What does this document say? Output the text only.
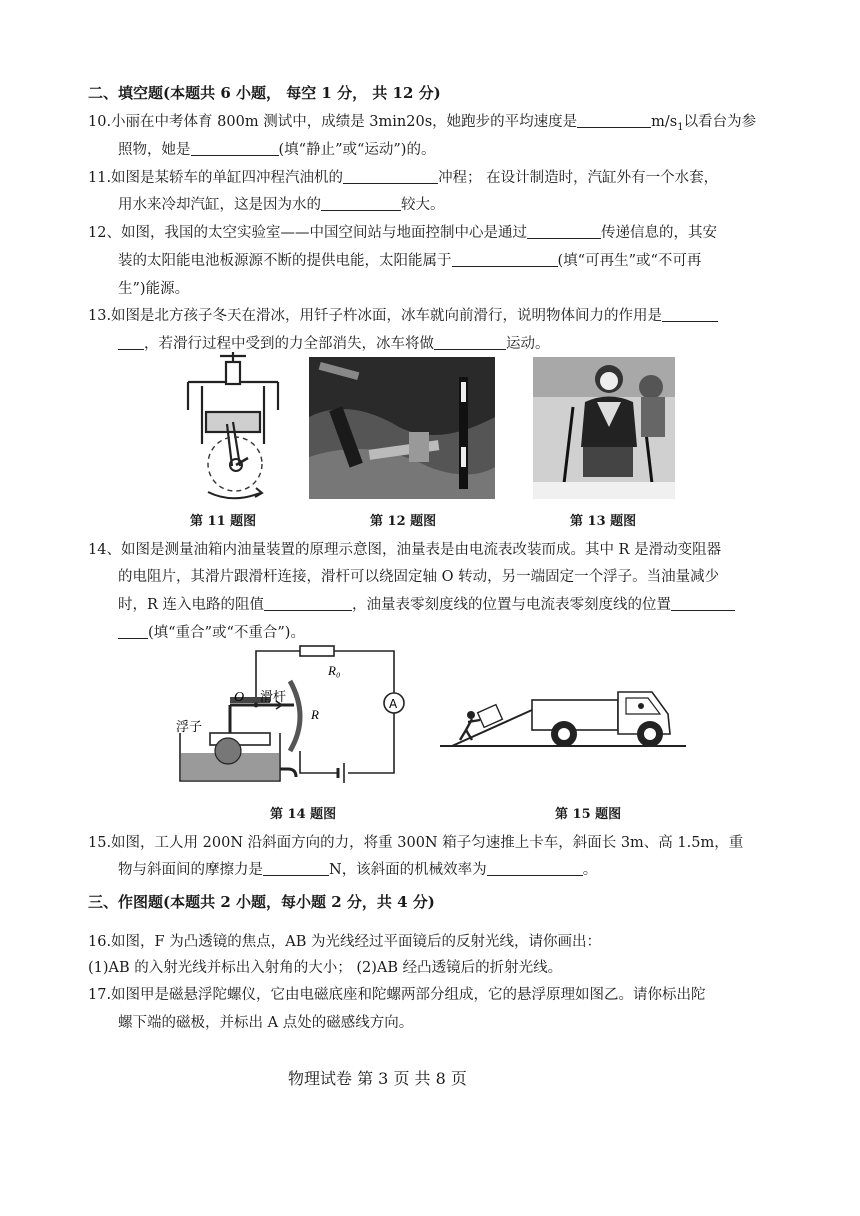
二、填空题(本题共 6 小题， 每空 1 分， 共 12 分)
10.小丽在中考体育 800m 测试中，成绩是 3min20s，她跑步的平均速度是	$m/s_1$以看台为参
照物，她是	(填“静止”或“运动”)的。
11.如图是某轿车的单缸四冲程汽油机的	冲程； 在设计制造时，汽缸外有一个水套，
用水来冷却汽缸，这是因为水的	较大。
12、如图，我国的太空实验室——中国空间站与地面控制中心是通过	传递信息的，其安
装的太阳能电池板源源不断的提供电能，太阳能属于	(填“可再生”或“不可再
生”)能源。
13.如图是北方孩子冬天在滑冰，用钎子杵冰面，冰车就向前滑行，说明物体间力的作用是
，若滑行过程中受到的力全部消失，冰车将做	运动。
第 11 题图	第 12 题图	第 13 题图
14、如图是测量油箱内油量装置的原理示意图，油量表是由电流表改装而成。其中 R 是滑动变阻器
的电阻片，其滑片跟滑杆连接，滑杆可以绕固定轴 O 转动，另一端固定一个浮子。当油量减少
时，R 连入电路的阻值	，油量表零刻度线的位置与电流表零刻度线的位置
(填“重合”或“不重合”)。
R₀
R
O 滑杆
浮子
A
第 14 题图	第 15 题图
15.如图，工人用 200N 沿斜面方向的力，将重 300N 箱子匀速推上卡车，斜面长 3m、高 1.5m，重
物与斜面间的摩擦力是	N，该斜面的机械效率为	。
三、作图题(本题共 2 小题，每小题 2 分，共 4 分)
16.如图，F 为凸透镜的焦点，AB 为光线经过平面镜后的反射光线，请你画出：
(1)AB 的入射光线并标出入射角的大小； (2)AB 经凸透镜后的折射光线。
17.如图甲是磁悬浮陀螺仪，它由电磁底座和陀螺两部分组成，它的悬浮原理如图乙。请你标出陀
螺下端的磁极，并标出 A 点处的磁感线方向。
物理试卷 第 3 页 共 8 页
